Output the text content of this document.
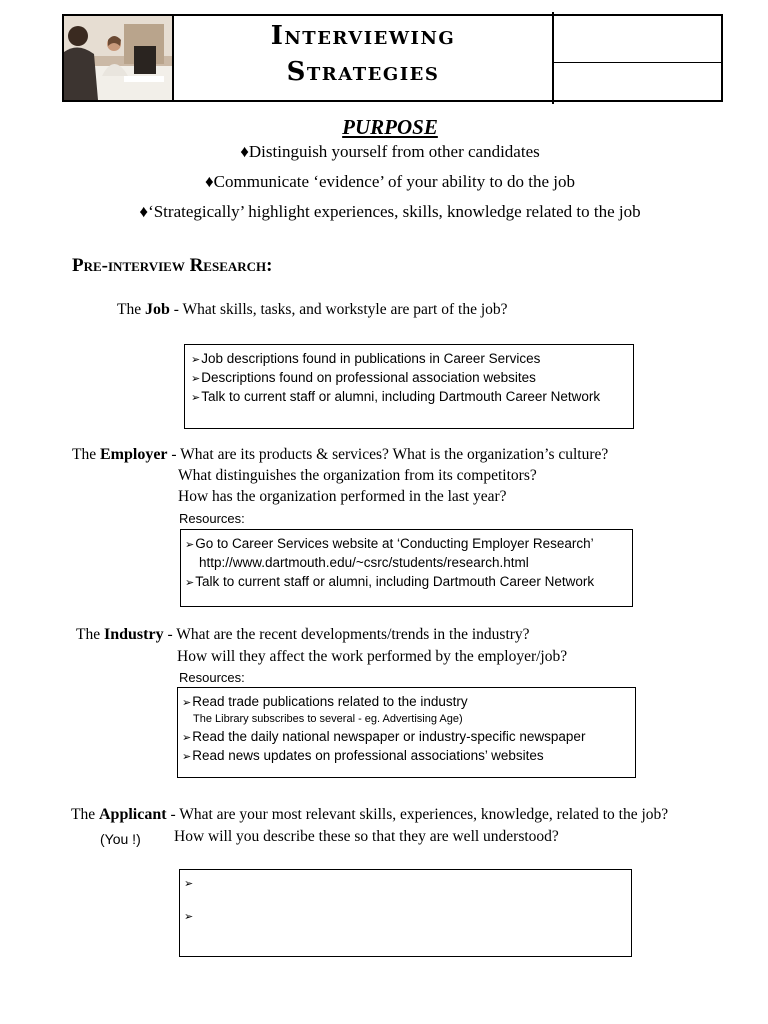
Interviewing
Strategies
PURPOSE
♦Distinguish yourself from other candidates
♦Communicate ‘evidence’ of your ability to do the job
♦‘Strategically’ highlight experiences, skills, knowledge related to the job
Pre-interview Research:
The Job - What skills, tasks, and workstyle are part of the job?
➢Job descriptions found in publications in Career Services
➢Descriptions found on professional association websites
➢Talk to current staff or alumni, including Dartmouth Career Network
The Employer - What are its products & services? What is the organization’s culture?
What distinguishes the organization from its competitors?
How has the organization performed in the last year?
Resources:
➢Go to Career Services website at ‘Conducting Employer Research’
http://www.dartmouth.edu/~csrc/students/research.html
➢Talk to current staff or alumni, including Dartmouth Career Network
The Industry - What are the recent developments/trends in the industry?
How will they affect the work performed by the employer/job?
Resources:
➢Read trade publications related to the industry
The Library subscribes to several - eg. Advertising Age)
➢Read the daily national newspaper or industry-specific newspaper
➢Read news updates on professional associations’ websites
The Applicant - What are your most relevant skills, experiences, knowledge, related to the job?
(You !) How will you describe these so that they are well understood?
➢
➢
